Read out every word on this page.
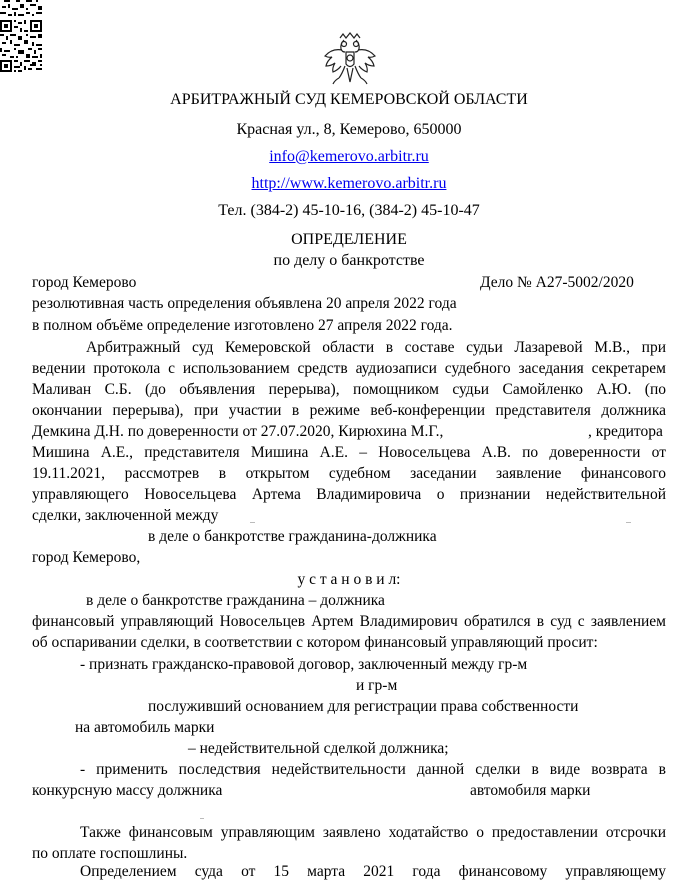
АРБИТРАЖНЫЙ СУД КЕМЕРОВСКОЙ ОБЛАСТИ
Красная ул., 8, Кемерово, 650000
info@kemerovo.arbitr.ru
http://www.kemerovo.arbitr.ru
Тел. (384-2) 45-10-16, (384-2) 45-10-47
ОПРЕДЕЛЕНИЕ
по делу о банкротстве
город Кемерово	Дело № А27-5002/2020
резолютивная часть определения объявлена 20 апреля 2022 года
в полном объёме определение изготовлено 27 апреля 2022 года.
Арбитражный суд Кемеровской области в составе судьи Лазаревой М.В., при
ведении протокола с использованием средств аудиозаписи судебного заседания секретарем
Маливан С.Б. (до объявления перерыва), помощником судьи Самойленко А.Ю. (по
окончании перерыва), при участии в режиме веб-конференции представителя должника
Демкина Д.Н. по доверенности от 27.07.2020, Кирюхина М.Г.,	, кредитора
Мишина А.Е., представителя Мишина А.Е. – Новосельцева А.В. по доверенности от
19.11.2021, рассмотрев в открытом судебном заседании заявление финансового
управляющего Новосельцева Артема Владимировича о признании недействительной
сделки, заключенной между
в деле о банкротстве гражданина-должника
город Кемерово,
у с т а н о в и л:
в деле о банкротстве гражданина – должника
финансовый управляющий Новосельцев Артем Владимирович обратился в суд с заявлением
об оспаривании сделки, в соответствии с котором финансовый управляющий просит:
- признать гражданско-правовой договор, заключенный между гр-м
и гр-м
послуживший основанием для регистрации права собственности
на автомобиль марки
– недействительной сделкой должника;
- применить последствия недействительности данной сделки в виде возврата в
конкурсную массу должника	автомобиля марки
Также финансовым управляющим заявлено ходатайство о предоставлении отсрочки
по оплате госпошлины.
Определением суда от 15 марта 2021 года финансовому управляющему
